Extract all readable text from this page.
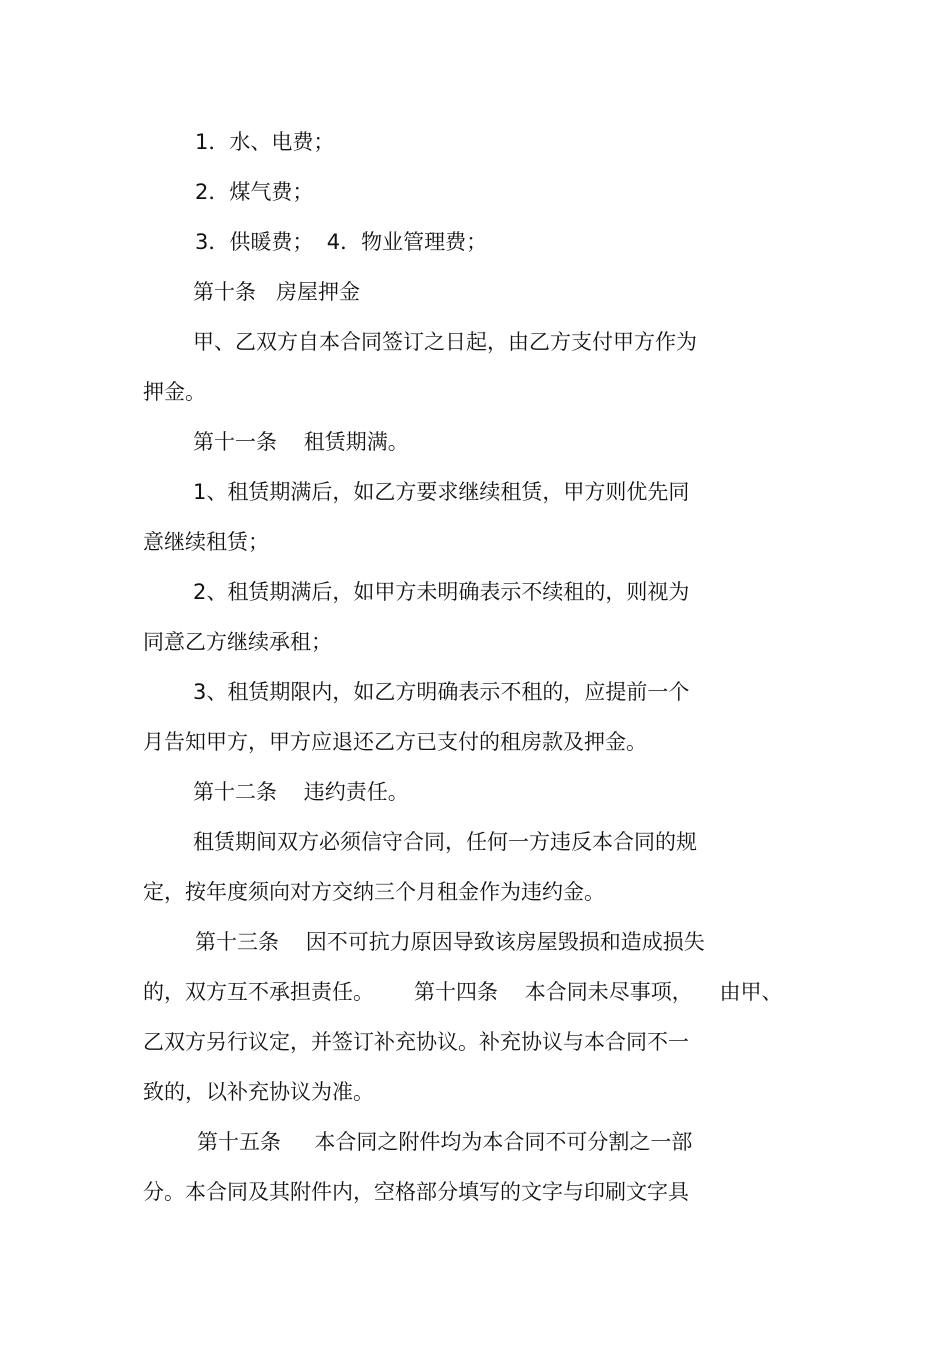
1．水、电费；
2．煤气费；
3．供暖费；  4．物业管理费；
第十条   房屋押金
甲、乙双方自本合同签订之日起，由乙方支付甲方作为
押金。
第十一条    租赁期满。
1、租赁期满后，如乙方要求继续租赁，甲方则优先同
意继续租赁；
2、租赁期满后，如甲方未明确表示不续租的，则视为
同意乙方继续承租；
3、租赁期限内，如乙方明确表示不租的，应提前一个
月告知甲方，甲方应退还乙方已支付的租房款及押金。
第十二条    违约责任。
租赁期间双方必须信守合同，任何一方违反本合同的规
定，按年度须向对方交纳三个月租金作为违约金。
第十三条    因不可抗力原因导致该房屋毁损和造成损失
的，双方互不承担责任。      第十四条    本合同未尽事项，    由甲、
乙双方另行议定，并签订补充协议。补充协议与本合同不一
致的，以补充协议为准。
第十五条     本合同之附件均为本合同不可分割之一部
分。本合同及其附件内，空格部分填写的文字与印刷文字具
